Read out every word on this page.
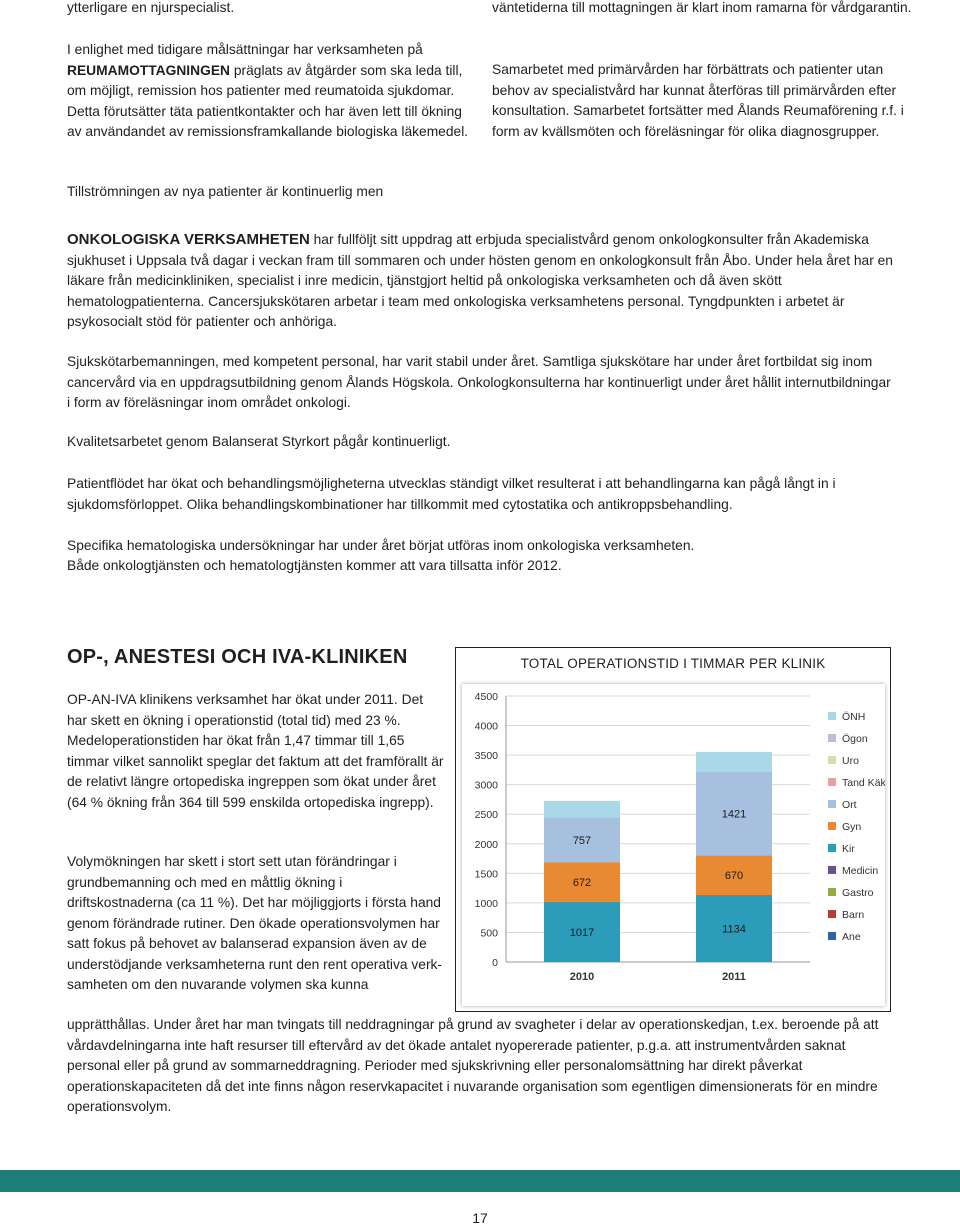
ytterligare en njurspecialist.

I enlighet med tidigare målsättningar har verksamheten på REUMAMOTTAGNINGEN präglats av åtgärder som ska leda till, om möjligt, remission hos patienter med reumatoida sjukdomar. Detta förutsätter täta patientkontakter och har även lett till ökning av användandet av remissionsframkallande biologiska läkemedel.

Tillströmningen av nya patienter är kontinuerlig men

väntetiderna till mottagningen är klart inom ramarna för vårdgarantin.

Samarbetet med primärvården har förbättrats och patienter utan behov av specialistvård har kunnat återföras till primärvården efter konsultation. Samarbetet fortsätter med Ålands Reumaförening r.f. i form av kvällsmöten och föreläsningar för olika diagnosgrupper.

ONKOLOGISKA VERKSAMHETEN har fullföljt sitt uppdrag att erbjuda specialistvård genom onkologkonsulter från Akademiska sjukhuset i Uppsala två dagar i veckan fram till sommaren och under hösten genom en onkologkonsult från Åbo. Under hela året har en läkare från medicinkliniken, specialist i inre medicin, tjänstgjort heltid på onkologiska verksamheten och då även skött hematologpatienterna. Cancersjukskötaren arbetar i team med onkologiska verksamhetens personal. Tyngdpunkten i arbetet är psykosocialt stöd för patienter och anhöriga.

Sjukskötarbemanningen, med kompetent personal, har varit stabil under året. Samtliga sjukskötare har under året fortbildat sig inom cancervård via en uppdragsutbildning genom Ålands Högskola. Onkologkonsulterna har kontinuerligt under året hållit internutbildningar i form av föreläsningar inom området onkologi.

Kvalitetsarbetet genom Balanserat Styrkort pågår kontinuerligt.

Patientflödet har ökat och behandlingsmöjligheterna utvecklas ständigt vilket resulterat i att behandlingarna kan pågå långt in i sjukdomsförloppet. Olika behandlingskombinationer har tillkommit med cytostatika och antikroppsbehandling.

Specifika hematologiska undersökningar har under året börjat utföras inom onkologiska verksamheten.

Både onkologtjänsten och hematologtjänsten kommer att vara tillsatta inför 2012.

OP-, ANESTESI OCH IVA-KLINIKEN

OP-AN-IVA klinikens verksamhet har ökat under 2011. Det har skett en ökning i operationstid (total tid) med 23 %. Medeloperationstiden har ökat från 1,47 timmar till 1,65 timmar vilket sannolikt speglar det faktum att det framförallt är de relativt längre ortopediska ingreppen som ökat under året (64 % ökning från 364 till 599 enskilda ortopediska ingrepp).

Volymökningen har skett i stort sett utan förändringar i grundbemanning och med en måttlig ökning i driftskostnaderna (ca 11 %). Det har möjliggjorts i första hand genom förändrade rutiner. Den ökade operationsvolymen har satt fokus på behovet av balanserad expansion även av de understödjande verksamheterna runt den rent operativa verk-samheten om den nuvarande volymen ska kunna

upprätthållas. Under året har man tvingats till neddragningar på grund av svagheter i delar av operationskedjan, t.ex. beroende på att vårdavdelningarna inte haft resurser till eftervård av det ökade antalet nyopererade patienter, p.g.a. att instrumentvården saknat personal eller på grund av sommarneddragning. Perioder med sjukskrivning eller personalomsättning har direkt påverkat operationskapaciteten då det inte finns någon reservkapacitet i nuvarande organisation som egentligen dimensionerats för en mindre operationsvolym.

TOTAL OPERATIONSTID I TIMMAR PER KLINIK
0
500
1000
1500
2000
2500
3000
3500
4000
4500
1017
672
757
2010
1134
670
1421
2011
ÖNH
Ögon
Uro
Tand Käk
Ort
Gyn
Kir
Medicin
Gastro
Barn
Ane
17
